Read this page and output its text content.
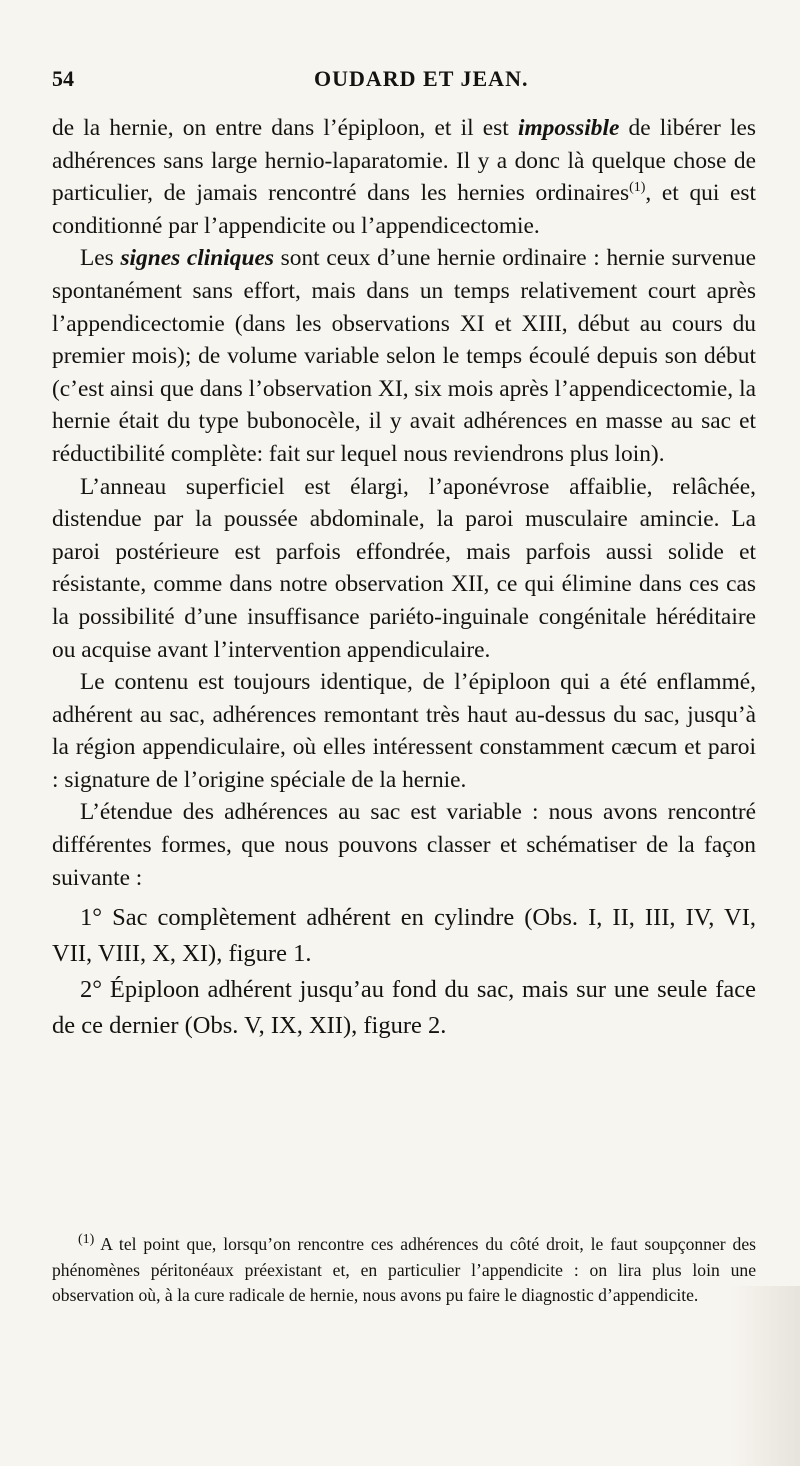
54	OUDARD ET JEAN.

de la hernie, on entre dans l’épiploon, et il est impossible de libérer les adhérences sans large hernio-laparatomie. Il y a donc là quelque chose de particulier, de jamais rencontré dans les hernies ordinaires$^{(1)}$, et qui est conditionné par l’appendicite ou l’appendicectomie.

Les signes cliniques sont ceux d’une hernie ordinaire : hernie survenue spontanément sans effort, mais dans un temps relativement court après l’appendicectomie (dans les observations XI et XIII, début au cours du premier mois); de volume variable selon le temps écoulé depuis son début (c’est ainsi que dans l’observation XI, six mois après l’appendicectomie, la hernie était du type bubonocèle, il y avait adhérences en masse au sac et réductibilité complète: fait sur lequel nous reviendrons plus loin).

L’anneau superficiel est élargi, l’aponévrose affaiblie, relâchée, distendue par la poussée abdominale, la paroi musculaire amincie. La paroi postérieure est parfois effondrée, mais parfois aussi solide et résistante, comme dans notre observation XII, ce qui élimine dans ces cas la possibilité d’une insuffisance pariéto-inguinale congénitale héréditaire ou acquise avant l’intervention appendiculaire.

Le contenu est toujours identique, de l’épiploon qui a été enflammé, adhérent au sac, adhérences remontant très haut au-dessus du sac, jusqu’à la région appendiculaire, où elles intéressent constamment cæcum et paroi : signature de l’origine spéciale de la hernie.

L’étendue des adhérences au sac est variable : nous avons rencontré différentes formes, que nous pouvons classer et schématiser de la façon suivante :

1° Sac complètement adhérent en cylindre (Obs. I, II, III, IV, VI, VII, VIII, X, XI), figure 1.

2° Épiploon adhérent jusqu’au fond du sac, mais sur une seule face de ce dernier (Obs. V, IX, XII), figure 2.

$^{(1)}$ A tel point que, lorsqu’on rencontre ces adhérences du côté droit, le faut soupçonner des phénomènes péritonéaux préexistant et, en particulier l’appendicite : on lira plus loin une observation où, à la cure radicale de hernie, nous avons pu faire le diagnostic d’appendicite.
